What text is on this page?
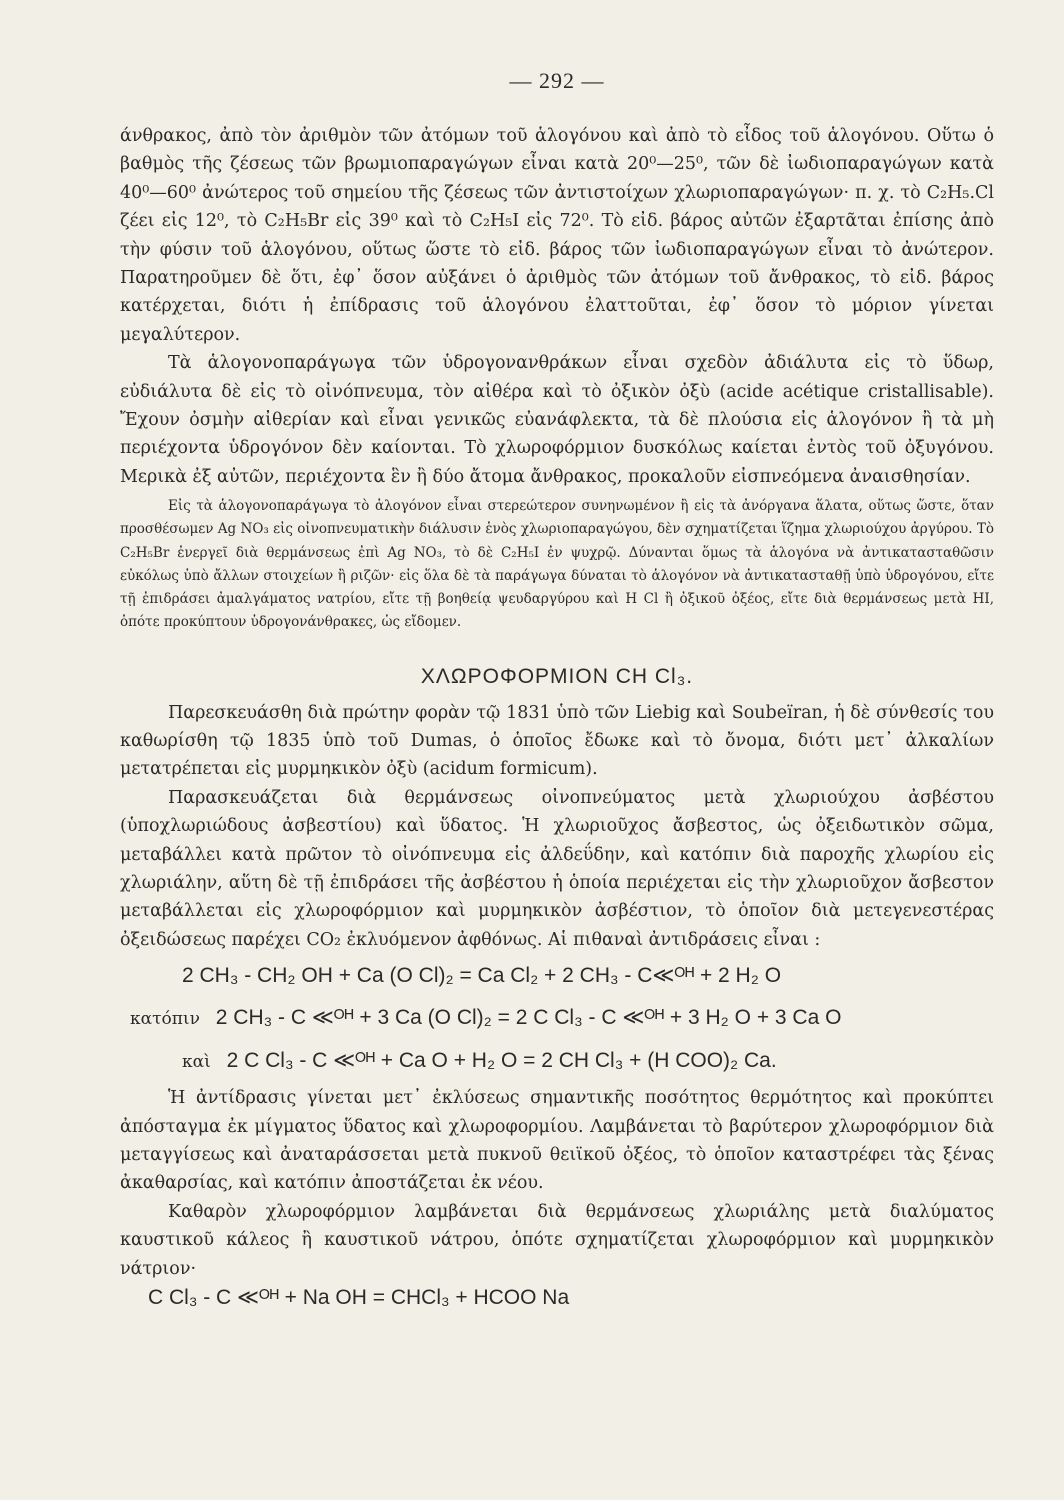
— 292 —

άνθρακος, ἀπὸ τὸν ἀριθμὸν τῶν ἀτόμων τοῦ ἁλογόνου καὶ ἀπὸ τὸ εἶδος τοῦ ἁλογόνου. Οὕτω ὁ βαθμὸς τῆς ζέσεως τῶν βρωμιοπαραγώγων εἶναι κατὰ 20⁰—25⁰, τῶν δὲ ἰωδιοπαραγώγων κατὰ 40⁰—60⁰ ἀνώτερος τοῦ σημείου τῆς ζέσεως τῶν ἀντιστοίχων χλωριοπαραγώγων· π. χ. τὸ C₂H₅.Cl ζέει εἰς 12⁰, τὸ C₂H₅Br εἰς 39⁰ καὶ τὸ C₂H₅I εἰς 72⁰. Τὸ εἰδ. βάρος αὐτῶν ἐξαρτᾶται ἐπίσης ἀπὸ τὴν φύσιν τοῦ ἁλογόνου, οὕτως ὥστε τὸ εἰδ. βάρος τῶν ἰωδιοπαραγώγων εἶναι τὸ ἀνώτερον. Παρατηροῦμεν δὲ ὅτι, ἐφ᾽ ὅσον αὐξάνει ὁ ἀριθμὸς τῶν ἀτόμων τοῦ ἄνθρακος, τὸ εἰδ. βάρος κατέρχεται, διότι ἡ ἐπίδρασις τοῦ ἁλογόνου ἐλαττοῦται, ἐφ᾽ ὅσον τὸ μόριον γίνεται μεγαλύτερον.

Τὰ ἁλογονοπαράγωγα τῶν ὑδρογονανθράκων εἶναι σχεδὸν ἀδιάλυτα εἰς τὸ ὕδωρ, εὐδιάλυτα δὲ εἰς τὸ οἰνόπνευμα, τὸν αἰθέρα καὶ τὸ ὀξικὸν ὀξὺ (acide acétique cristallisable). Ἔχουν ὀσμὴν αἰθερίαν καὶ εἶναι γενικῶς εὐανάφλεκτα, τὰ δὲ πλούσια εἰς ἁλογόνον ἢ τὰ μὴ περιέχοντα ὑδρογόνον δὲν καίονται. Τὸ χλωροφόρμιον δυσκόλως καίεται ἐντὸς τοῦ ὀξυγόνου. Μερικὰ ἐξ αὐτῶν, περιέχοντα ἓν ἢ δύο ἄτομα ἄνθρακος, προκαλοῦν εἰσπνεόμενα ἀναισθησίαν.

Εἰς τὰ ἁλογονοπαράγωγα τὸ ἁλογόνον εἶναι στερεώτερον συνηνωμένον ἢ εἰς τὰ ἀνόργανα ἅλατα, οὕτως ὥστε, ὅταν προσθέσωμεν Ag NO₃ εἰς οἰνοπνευματικὴν διάλυσιν ἑνὸς χλωριοπαραγώγου, δὲν σχηματίζεται ἵζημα χλωριούχου ἀργύρου. Τὸ C₂H₅Br ἐνεργεῖ διὰ θερμάνσεως ἐπὶ Ag NO₃, τὸ δὲ C₂H₅I ἐν ψυχρῷ. Δύνανται ὅμως τὰ ἁλογόνα νὰ ἀντικατασταθῶσιν εὐκόλως ὑπὸ ἄλλων στοιχείων ἢ ριζῶν· εἰς ὅλα δὲ τὰ παράγωγα δύναται τὸ ἁλογόνον νὰ ἀντικατασταθῇ ὑπὸ ὑδρογόνου, εἴτε τῇ ἐπιδράσει ἀμαλγάματος νατρίου, εἴτε τῇ βοηθείᾳ ψευδαργύρου καὶ H Cl ἢ ὀξικοῦ ὀξέος, εἴτε διὰ θερμάνσεως μετὰ HI, ὁπότε προκύπτουν ὑδρογονάνθρακες, ὡς εἴδομεν.

ΧΛΩΡΟΦΟΡΜΙΟΝ CH Cl₃.

Παρεσκευάσθη διὰ πρώτην φορὰν τῷ 1831 ὑπὸ τῶν Liebig καὶ Soubeïran, ἡ δὲ σύνθεσίς του καθωρίσθη τῷ 1835 ὑπὸ τοῦ Dumas, ὁ ὁποῖος ἔδωκε καὶ τὸ ὄνομα, διότι μετ᾽ ἀλκαλίων μετατρέπεται εἰς μυρμηκικὸν ὀξὺ (acidum formicum).

Παρασκευάζεται διὰ θερμάνσεως οἰνοπνεύματος μετὰ χλωριούχου ἀσβέστου (ὑποχλωριώδους ἀσβεστίου) καὶ ὕδατος. Ἡ χλωριοῦχος ἄσβεστος, ὡς ὀξειδωτικὸν σῶμα, μεταβάλλει κατὰ πρῶτον τὸ οἰνόπνευμα εἰς ἀλδεΰδην, καὶ κατόπιν διὰ παροχῆς χλωρίου εἰς χλωριάλην, αὕτη δὲ τῇ ἐπιδράσει τῆς ἀσβέστου ἡ ὁποία περιέχεται εἰς τὴν χλωριοῦχον ἄσβεστον μεταβάλλεται εἰς χλωροφόρμιον καὶ μυρμηκικὸν ἀσβέστιον, τὸ ὁποῖον διὰ μετεγενεστέρας ὀξειδώσεως παρέχει CO₂ ἐκλυόμενον ἀφθόνως. Αἱ πιθαναὶ ἀντιδράσεις εἶναι :

2 CH₃ - CH₂ OH + Ca (O Cl)₂ = Ca Cl₂ + 2 CH₃ - C≪ᴼᴴ + 2 H₂ O
κατόπιν 2 CH₃ - C ≪ᴼᴴ + 3 Ca (O Cl)₂ = 2 C Cl₃ - C ≪ᴼᴴ + 3 H₂ O + 3 Ca O
καὶ 2 C Cl₃ - C ≪ᴼᴴ + Ca O + H₂ O = 2 CH Cl₃ + (H COO)₂ Ca.

Ἡ ἀντίδρασις γίνεται μετ᾽ ἐκλύσεως σημαντικῆς ποσότητος θερμότητος καὶ προκύπτει ἀπόσταγμα ἐκ μίγματος ὕδατος καὶ χλωροφορμίου. Λαμβάνεται τὸ βαρύτερον χλωροφόρμιον διὰ μεταγγίσεως καὶ ἀναταράσσεται μετὰ πυκνοῦ θειϊκοῦ ὀξέος, τὸ ὁποῖον καταστρέφει τὰς ξένας ἀκαθαρσίας, καὶ κατόπιν ἀποστάζεται ἐκ νέου.

Καθαρὸν χλωροφόρμιον λαμβάνεται διὰ θερμάνσεως χλωριάλης μετὰ διαλύματος καυστικοῦ κάλεος ἢ καυστικοῦ νάτρου, ὁπότε σχηματίζεται χλωροφόρμιον καὶ μυρμηκικὸν νάτριον·

C Cl₃ - C ≪ᴼᴴ + Na OH = CHCl₃ + HCOO Na
